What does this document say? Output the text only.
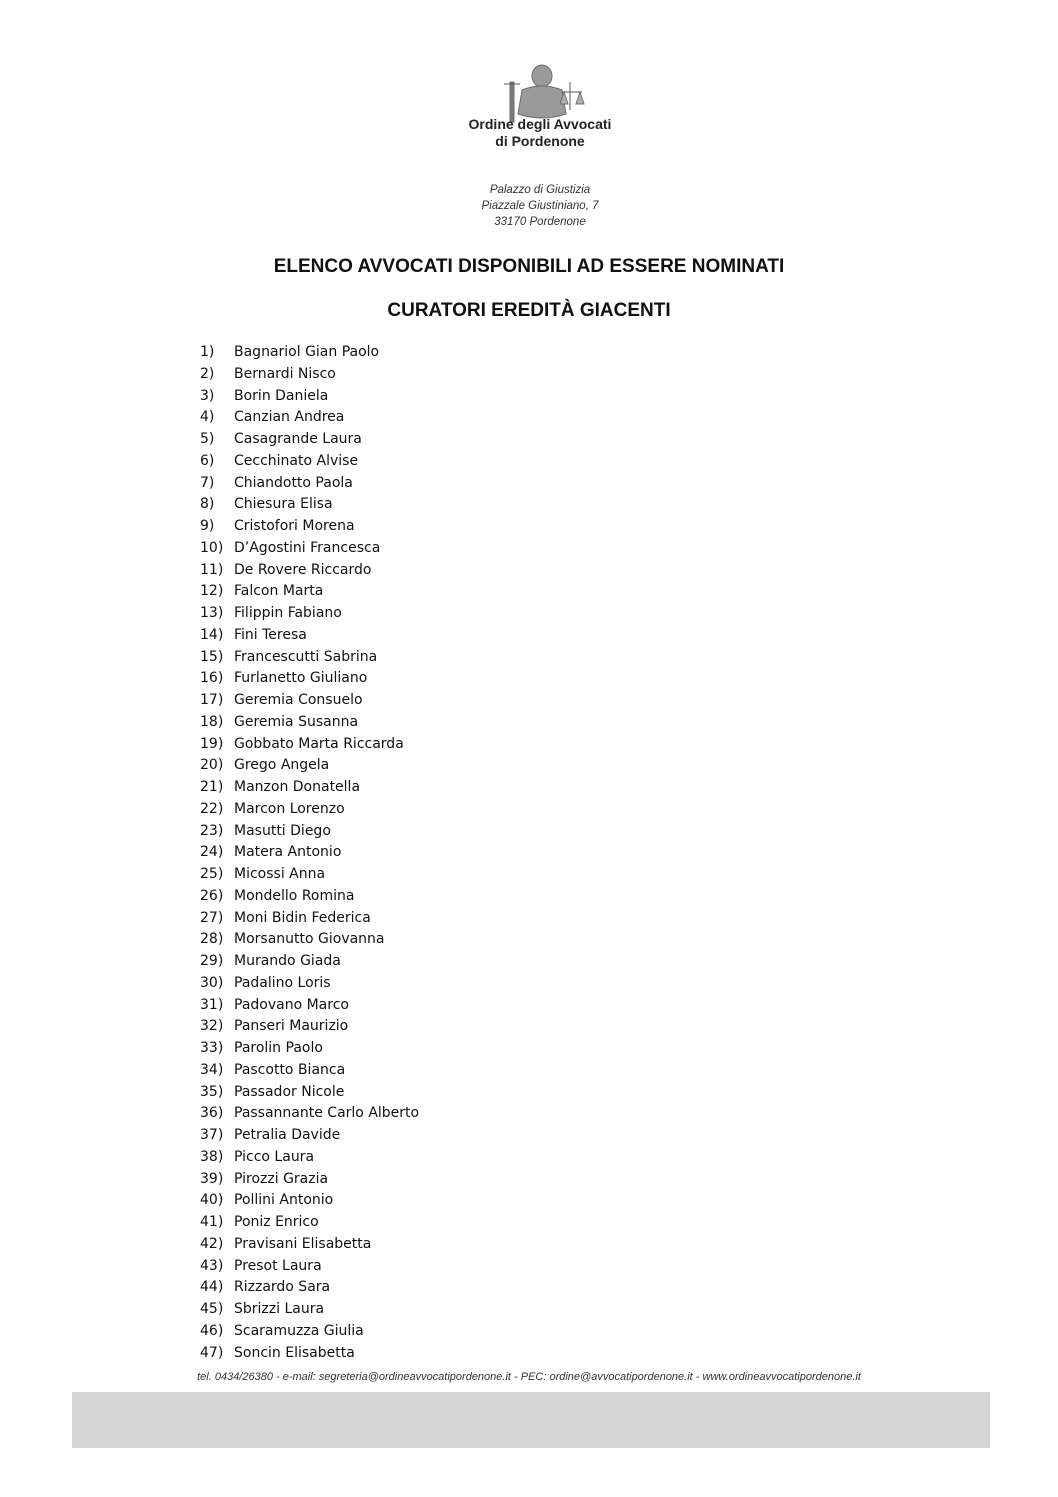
Ordine degli Avvocati
di Pordenone
Palazzo di Giustizia
Piazzale Giustiniano, 7
33170 Pordenone
ELENCO AVVOCATI DISPONIBILI AD ESSERE NOMINATI
CURATORI EREDITÀ GIACENTI
1) Bagnariol Gian Paolo
2) Bernardi Nisco
3) Borin Daniela
4) Canzian Andrea
5) Casagrande Laura
6) Cecchinato Alvise
7) Chiandotto Paola
8) Chiesura Elisa
9) Cristofori Morena
10) D’Agostini Francesca
11) De Rovere Riccardo
12) Falcon Marta
13) Filippin Fabiano
14) Fini Teresa
15) Francescutti Sabrina
16) Furlanetto Giuliano
17) Geremia Consuelo
18) Geremia Susanna
19) Gobbato Marta Riccarda
20) Grego Angela
21) Manzon Donatella
22) Marcon Lorenzo
23) Masutti Diego
24) Matera Antonio
25) Micossi Anna
26) Mondello Romina
27) Moni Bidin Federica
28) Morsanutto Giovanna
29) Murando Giada
30) Padalino Loris
31) Padovano Marco
32) Panseri Maurizio
33) Parolin Paolo
34) Pascotto Bianca
35) Passador Nicole
36) Passannante Carlo Alberto
37) Petralia Davide
38) Picco Laura
39) Pirozzi Grazia
40) Pollini Antonio
41) Poniz Enrico
42) Pravisani Elisabetta
43) Presot Laura
44) Rizzardo Sara
45) Sbrizzi Laura
46) Scaramuzza Giulia
47) Soncin Elisabetta
tel. 0434/26380 - e-mail: segreteria@ordineavvocatipordenone.it - PEC: ordine@avvocatipordenone.it - www.ordineavvocatipordenone.it
